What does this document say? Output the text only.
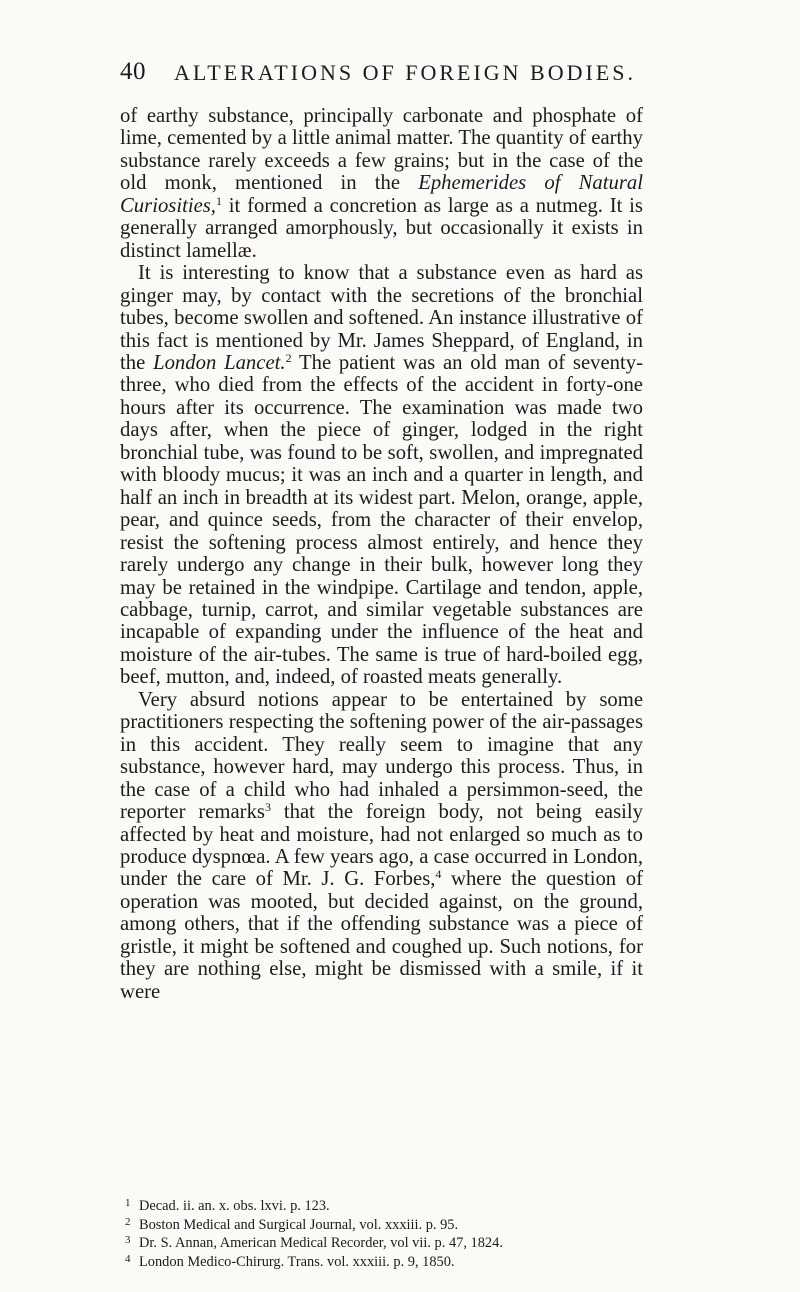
40 ALTERATIONS OF FOREIGN BODIES.

of earthy substance, principally carbonate and phosphate of lime, cemented by a little animal matter. The quantity of earthy substance rarely exceeds a few grains; but in the case of the old monk, mentioned in the Ephemerides of Natural Curiosities,$^1$ it formed a concretion as large as a nutmeg. It is generally arranged amorphously, but occasionally it exists in distinct lamellæ.

It is interesting to know that a substance even as hard as ginger may, by contact with the secretions of the bronchial tubes, become swollen and softened. An instance illustrative of this fact is mentioned by Mr. James Sheppard, of England, in the London Lancet.$^2$ The patient was an old man of seventy-three, who died from the effects of the accident in forty-one hours after its occurrence. The examination was made two days after, when the piece of ginger, lodged in the right bronchial tube, was found to be soft, swollen, and impregnated with bloody mucus; it was an inch and a quarter in length, and half an inch in breadth at its widest part. Melon, orange, apple, pear, and quince seeds, from the character of their envelop, resist the softening process almost entirely, and hence they rarely undergo any change in their bulk, however long they may be retained in the windpipe. Cartilage and tendon, apple, cabbage, turnip, carrot, and similar vegetable substances are incapable of expanding under the influence of the heat and moisture of the air-tubes. The same is true of hard-boiled egg, beef, mutton, and, indeed, of roasted meats generally.

Very absurd notions appear to be entertained by some practitioners respecting the softening power of the air-passages in this accident. They really seem to imagine that any substance, however hard, may undergo this process. Thus, in the case of a child who had inhaled a persimmon-seed, the reporter remarks$^3$ that the foreign body, not being easily affected by heat and moisture, had not enlarged so much as to produce dyspnœa. A few years ago, a case occurred in London, under the care of Mr. J. G. Forbes,$^4$ where the question of operation was mooted, but decided against, on the ground, among others, that if the offending substance was a piece of gristle, it might be softened and coughed up. Such notions, for they are nothing else, might be dismissed with a smile, if it were

1 Decad. ii. an. x. obs. lxvi. p. 123.
2 Boston Medical and Surgical Journal, vol. xxxiii. p. 95.
3 Dr. S. Annan, American Medical Recorder, vol vii. p. 47, 1824.
4 London Medico-Chirurg. Trans. vol. xxxiii. p. 9, 1850.
